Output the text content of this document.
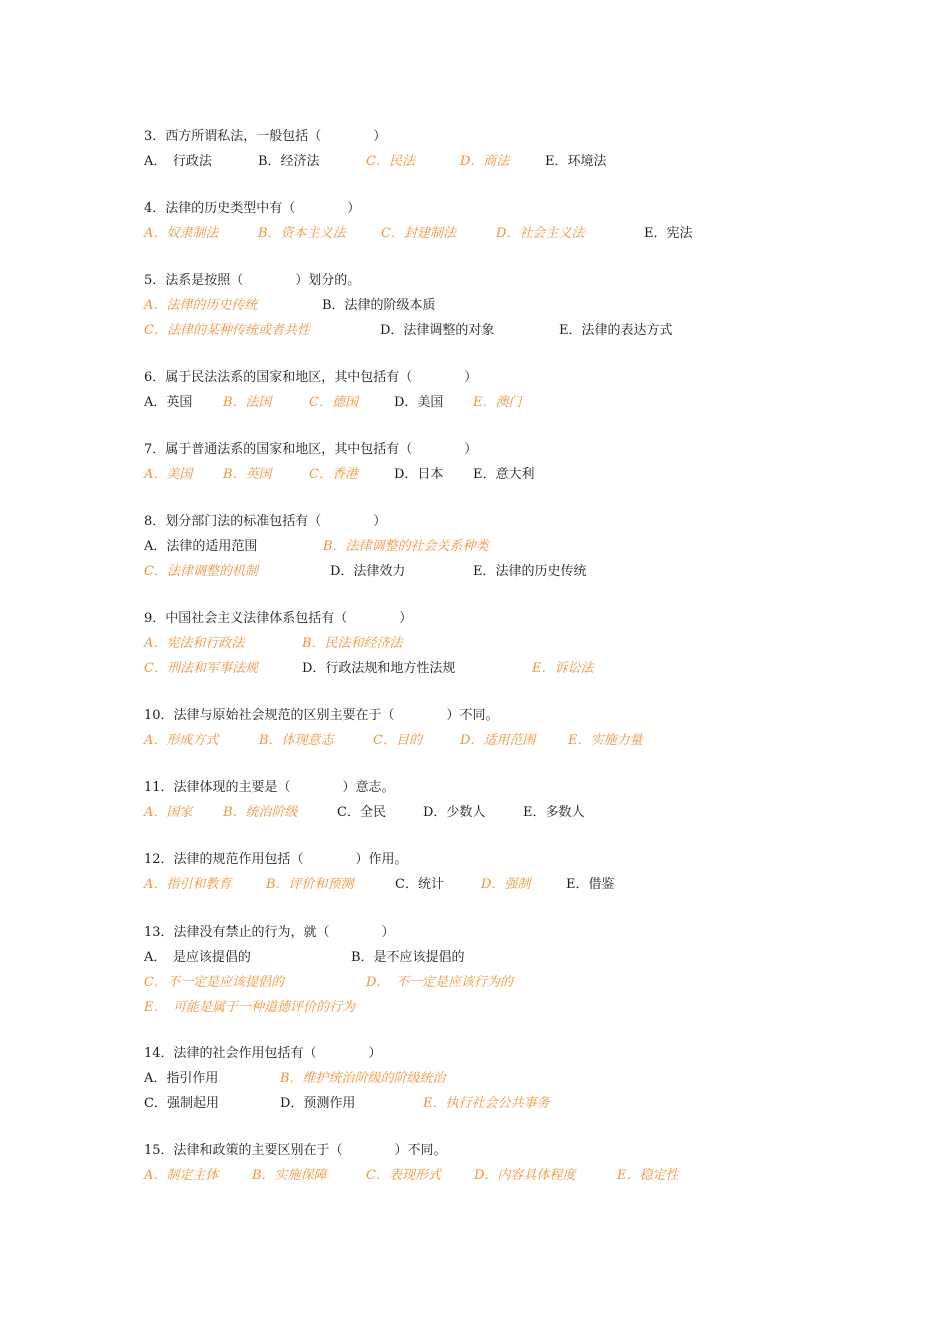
3．西方所谓私法，一般包括（　　　　）
A．　行政法	B．经济法	C．民法	D．商法	E．环境法
4．法律的历史类型中有（　　　　）
A．奴隶制法	B．资本主义法	C．封建制法	D．社会主义法	E．宪法
5．法系是按照（　　　　）划分的。
A．法律的历史传统	B．法律的阶级本质
C．法律的某种传统或者共性	D．法律调整的对象	E．法律的表达方式
6．属于民法法系的国家和地区，其中包括有（　　　　）
A．英国 B．法国	C．德国	D．美国 E．澳门
7．属于普通法系的国家和地区，其中包括有（　　　　）
A．美国 B．英国	C．香港	D．日本 E．意大利
8．划分部门法的标准包括有（　　　　）
A．法律的适用范围	B．法律调整的社会关系种类
C．法律调整的机制	D．法律效力	E．法律的历史传统
9．中国社会主义法律体系包括有（　　　　）
A．宪法和行政法	B．民法和经济法
C．刑法和军事法规	D．行政法规和地方性法规	E．诉讼法
10．法律与原始社会规范的区别主要在于（　　　　）不同。
A．形成方式	B．体现意志	C．目的	D．适用范围	E．实施力量
11．法律体现的主要是（　　　　）意志。
A．国家 B．统治阶级	C．全民	D．少数人	E．多数人
12．法律的规范作用包括（　　　　）作用。
A．指引和教育	B．评价和预测	C．统计	D．强制	E．借鉴
13．法律没有禁止的行为，就（　　　　）
A．　是应该提倡的	B．是不应该提倡的
C．不一定是应该提倡的	D．　不一定是应该行为的
E．　可能是属于一种道德评价的行为
14．法律的社会作用包括有（　　　　）
A．指引作用	B．维护统治阶级的阶级统治
C．强制起用	D．预测作用	E．执行社会公共事务
15．法律和政策的主要区别在于（　　　　）不同。
A．制定主体	B．实施保障	C．表现形式	D．内容具体程度	E．稳定性
